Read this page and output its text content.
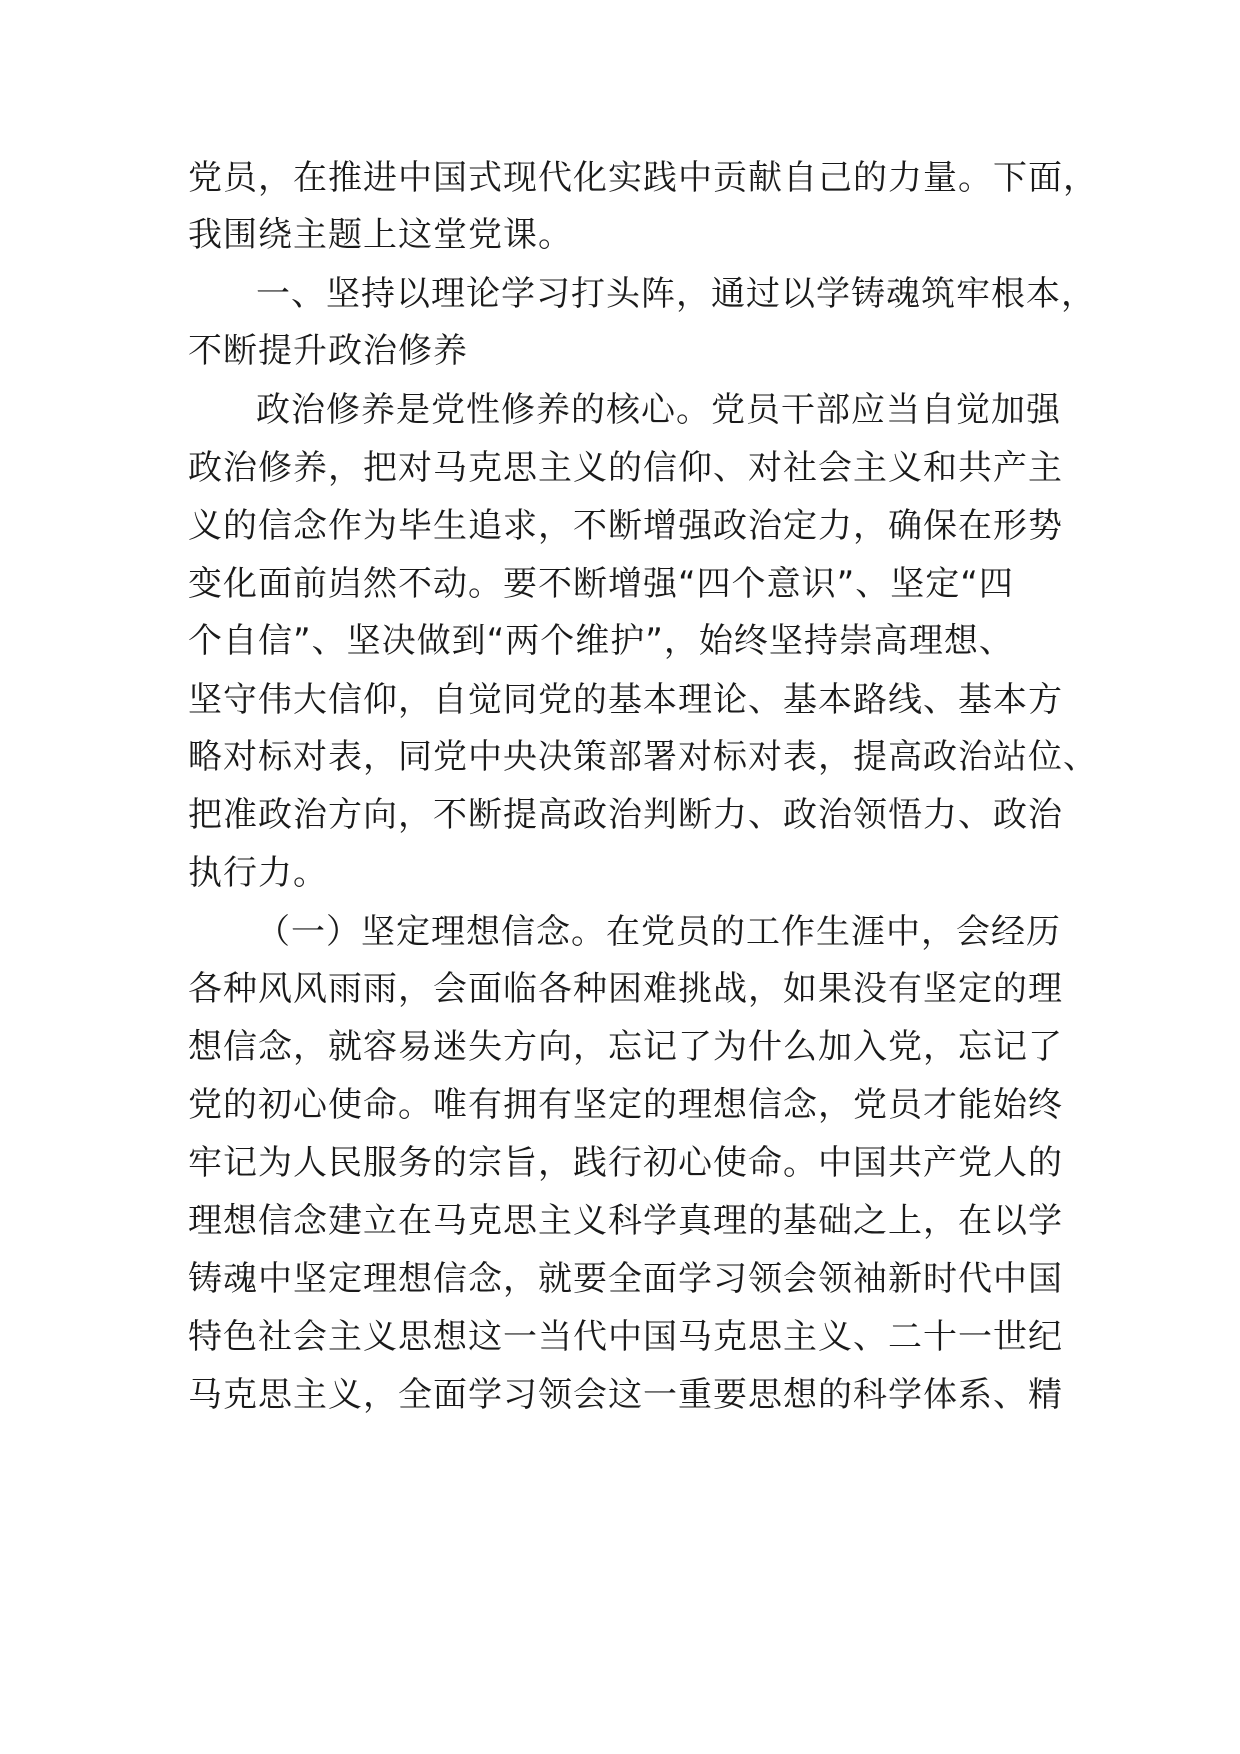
党员，在推进中国式现代化实践中贡献自己的力量。下面，

我围绕主题上这堂党课。

一、坚持以理论学习打头阵，通过以学铸魂筑牢根本，

不断提升政治修养

政治修养是党性修养的核心。党员干部应当自觉加强

政治修养，把对马克思主义的信仰、对社会主义和共产主

义的信念作为毕生追求，不断增强政治定力，确保在形势

变化面前岿然不动。要不断增强“四个意识”、坚定“四

个自信”、坚决做到“两个维护”，始终坚持崇高理想、

坚守伟大信仰，自觉同党的基本理论、基本路线、基本方

略对标对表，同党中央决策部署对标对表，提高政治站位、

把准政治方向，不断提高政治判断力、政治领悟力、政治

执行力。

（一）坚定理想信念。在党员的工作生涯中，会经历

各种风风雨雨，会面临各种困难挑战，如果没有坚定的理

想信念，就容易迷失方向，忘记了为什么加入党，忘记了

党的初心使命。唯有拥有坚定的理想信念，党员才能始终

牢记为人民服务的宗旨，践行初心使命。中国共产党人的

理想信念建立在马克思主义科学真理的基础之上，在以学

铸魂中坚定理想信念，就要全面学习领会领袖新时代中国

特色社会主义思想这一当代中国马克思主义、二十一世纪

马克思主义，全面学习领会这一重要思想的科学体系、精
